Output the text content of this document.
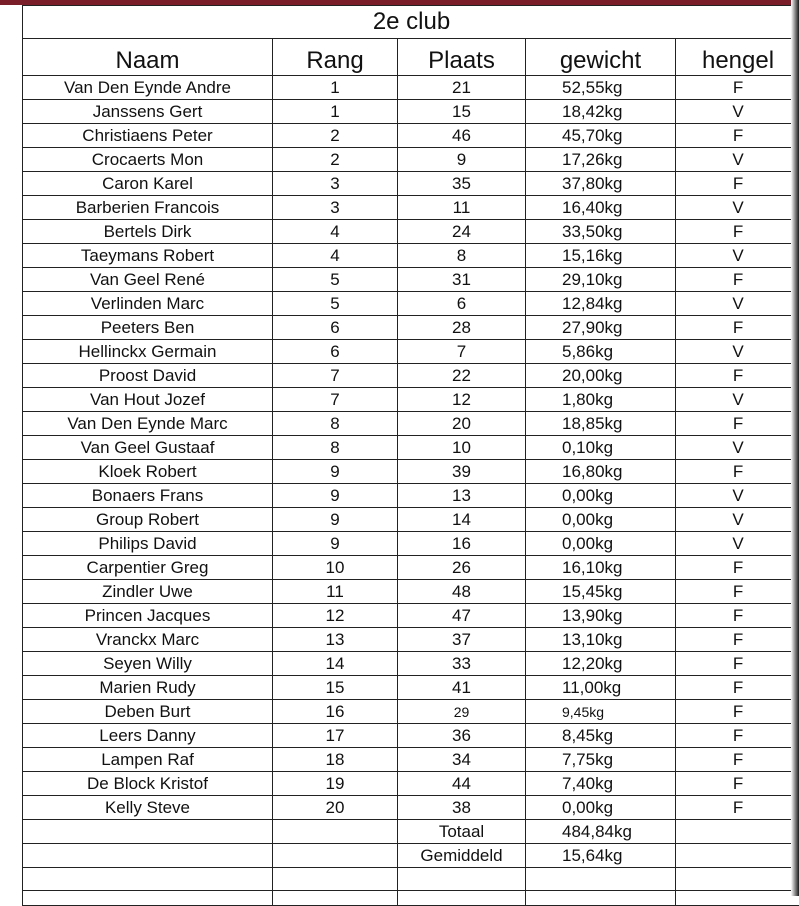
2e club				
Naam	Rang	Plaats	gewicht	hengel
Van Den Eynde Andre	1	21	52,55kg	F
Janssens Gert	1	15	18,42kg	V
Christiaens Peter	2	46	45,70kg	F
Crocaerts Mon	2	9	17,26kg	V
Caron Karel	3	35	37,80kg	F
Barberien Francois	3	11	16,40kg	V
Bertels Dirk	4	24	33,50kg	F
Taeymans Robert	4	8	15,16kg	V
Van Geel René	5	31	29,10kg	F
Verlinden Marc	5	6	12,84kg	V
Peeters Ben	6	28	27,90kg	F
Hellinckx Germain	6	7	5,86kg	V
Proost David	7	22	20,00kg	F
Van Hout Jozef	7	12	1,80kg	V
Van Den Eynde Marc	8	20	18,85kg	F
Van Geel Gustaaf	8	10	0,10kg	V
Kloek Robert	9	39	16,80kg	F
Bonaers Frans	9	13	0,00kg	V
Group Robert	9	14	0,00kg	V
Philips David	9	16	0,00kg	V
Carpentier Greg	10	26	16,10kg	F
Zindler Uwe	11	48	15,45kg	F
Princen Jacques	12	47	13,90kg	F
Vranckx Marc	13	37	13,10kg	F
Seyen Willy	14	33	12,20kg	F
Marien Rudy	15	41	11,00kg	F
Deben Burt	16	29	9,45kg	F
Leers Danny	17	36	8,45kg	F
Lampen Raf	18	34	7,75kg	F
De Block Kristof	19	44	7,40kg	F
Kelly Steve	20	38	0,00kg	F
		Totaal	484,84kg	
		Gemiddeld	15,64kg	
